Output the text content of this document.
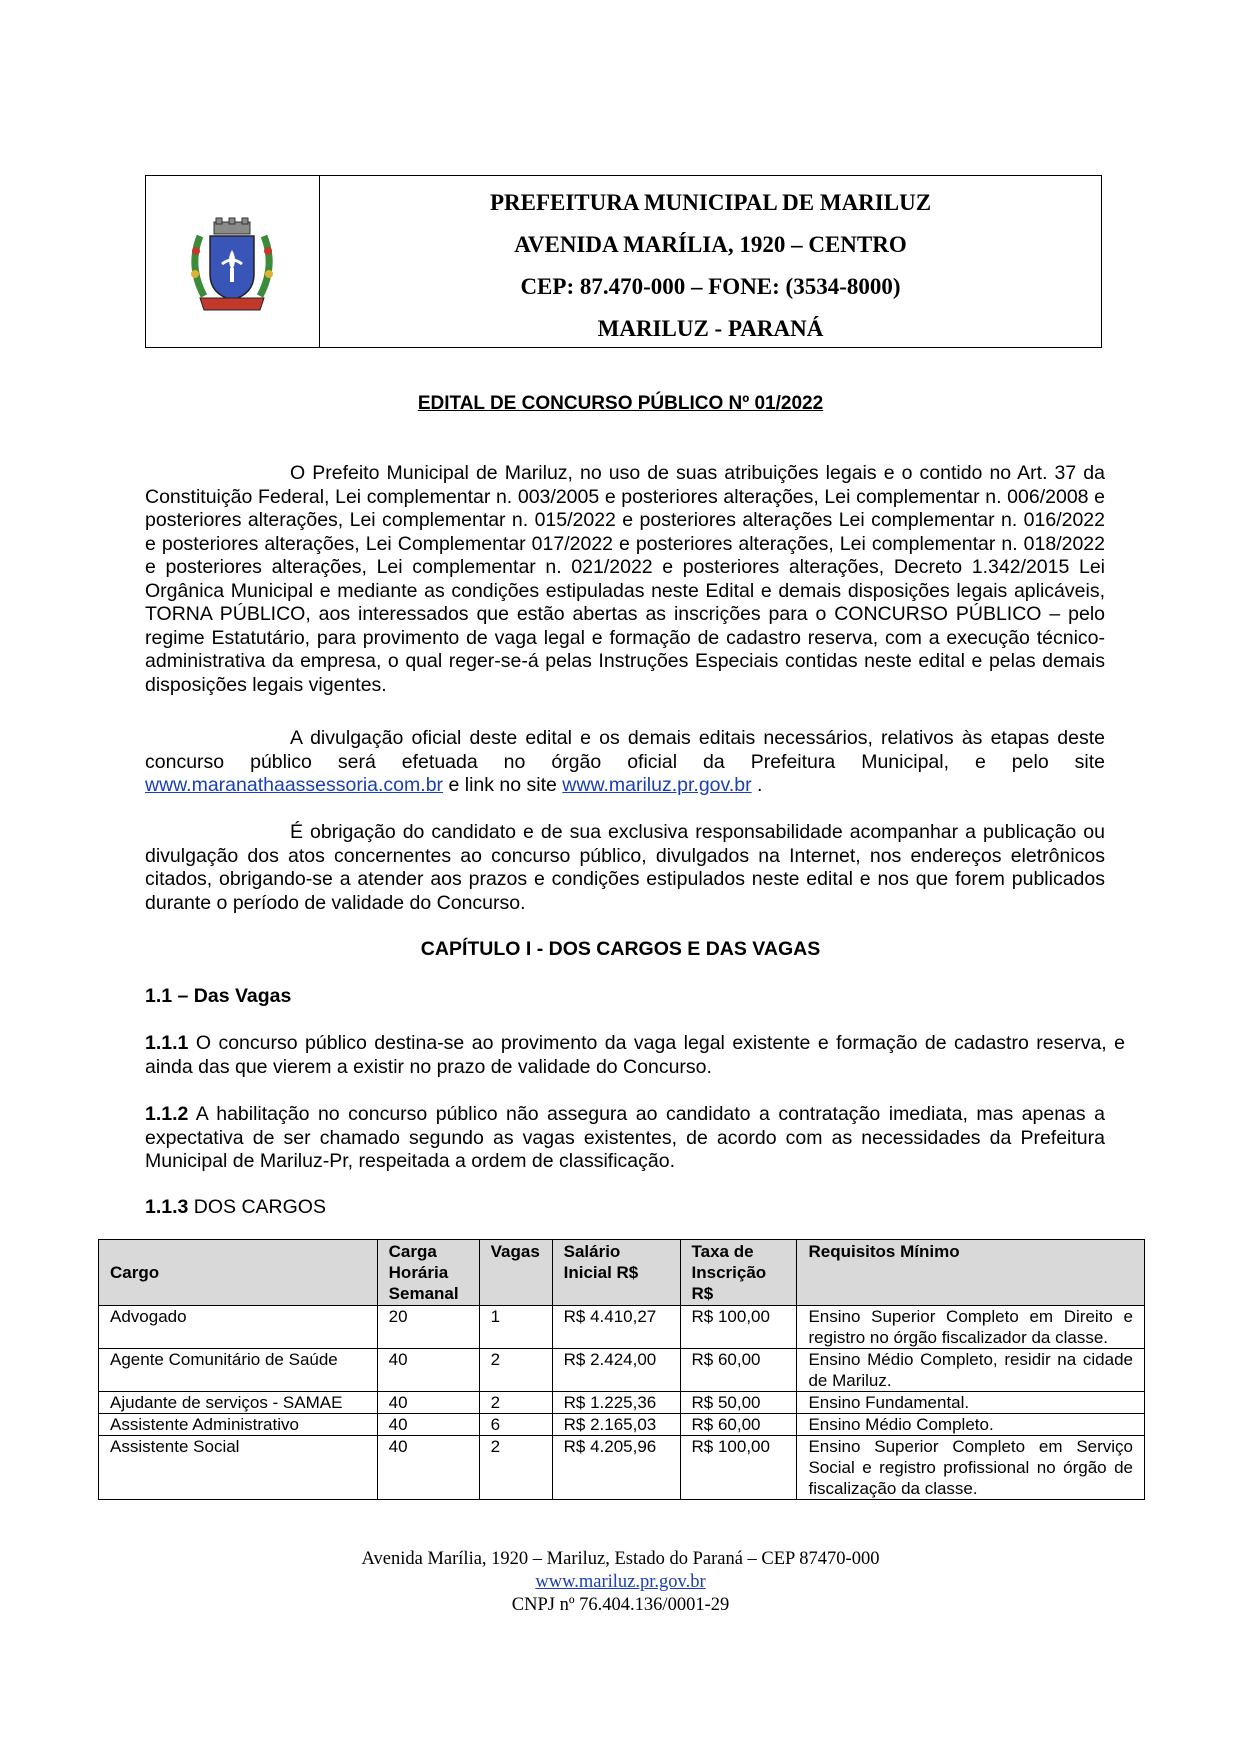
PREFEITURA MUNICIPAL DE MARILUZ
AVENIDA MARÍLIA, 1920 – CENTRO
CEP: 87.470-000 – FONE: (3534-8000)
MARILUZ - PARANÁ
EDITAL DE CONCURSO PÚBLICO Nº 01/2022
O Prefeito Municipal de Mariluz, no uso de suas atribuições legais e o contido no Art. 37 da Constituição Federal, Lei complementar n. 003/2005 e posteriores alterações, Lei complementar n. 006/2008 e posteriores alterações, Lei complementar n. 015/2022 e posteriores alterações Lei complementar n. 016/2022 e posteriores alterações, Lei Complementar 017/2022 e posteriores alterações, Lei complementar n. 018/2022 e posteriores alterações, Lei complementar n. 021/2022 e posteriores alterações, Decreto 1.342/2015 Lei Orgânica Municipal e mediante as condições estipuladas neste Edital e demais disposições legais aplicáveis, TORNA PÚBLICO, aos interessados que estão abertas as inscrições para o CONCURSO PÚBLICO – pelo regime Estatutário, para provimento de vaga legal e formação de cadastro reserva, com a execução técnico-administrativa da empresa, o qual reger-se-á pelas Instruções Especiais contidas neste edital e pelas demais disposições legais vigentes.
A divulgação oficial deste edital e os demais editais necessários, relativos às etapas deste concurso público será efetuada no órgão oficial da Prefeitura Municipal, e pelo site www.maranathaassessoria.com.br e link no site www.mariluz.pr.gov.br .
É obrigação do candidato e de sua exclusiva responsabilidade acompanhar a publicação ou divulgação dos atos concernentes ao concurso público, divulgados na Internet, nos endereços eletrônicos citados, obrigando-se a atender aos prazos e condições estipulados neste edital e nos que forem publicados durante o período de validade do Concurso.
CAPÍTULO I - DOS CARGOS E DAS VAGAS
1.1 – Das Vagas
1.1.1 O concurso público destina-se ao provimento da vaga legal existente e formação de cadastro reserva, e ainda das que vierem a existir no prazo de validade do Concurso.
1.1.2 A habilitação no concurso público não assegura ao candidato a contratação imediata, mas apenas a expectativa de ser chamado segundo as vagas existentes, de acordo com as necessidades da Prefeitura Municipal de Mariluz-Pr, respeitada a ordem de classificação.
1.1.3 DOS CARGOS
Cargo	Carga Horária Semanal	Vagas	Salário Inicial R$	Taxa de Inscrição R$	Requisitos Mínimo
Advogado	20	1	R$ 4.410,27	R$ 100,00	Ensino Superior Completo em Direito e registro no órgão fiscalizador da classe.
Agente Comunitário de Saúde	40	2	R$ 2.424,00	R$ 60,00	Ensino Médio Completo, residir na cidade de Mariluz.
Ajudante de serviços - SAMAE	40	2	R$ 1.225,36	R$ 50,00	Ensino Fundamental.
Assistente Administrativo	40	6	R$ 2.165,03	R$ 60,00	Ensino Médio Completo.
Assistente Social	40	2	R$ 4.205,96	R$ 100,00	Ensino Superior Completo em Serviço Social e registro profissional no órgão de fiscalização da classe.
Avenida Marília, 1920 – Mariluz, Estado do Paraná – CEP 87470-000
www.mariluz.pr.gov.br
CNPJ nº 76.404.136/0001-29
